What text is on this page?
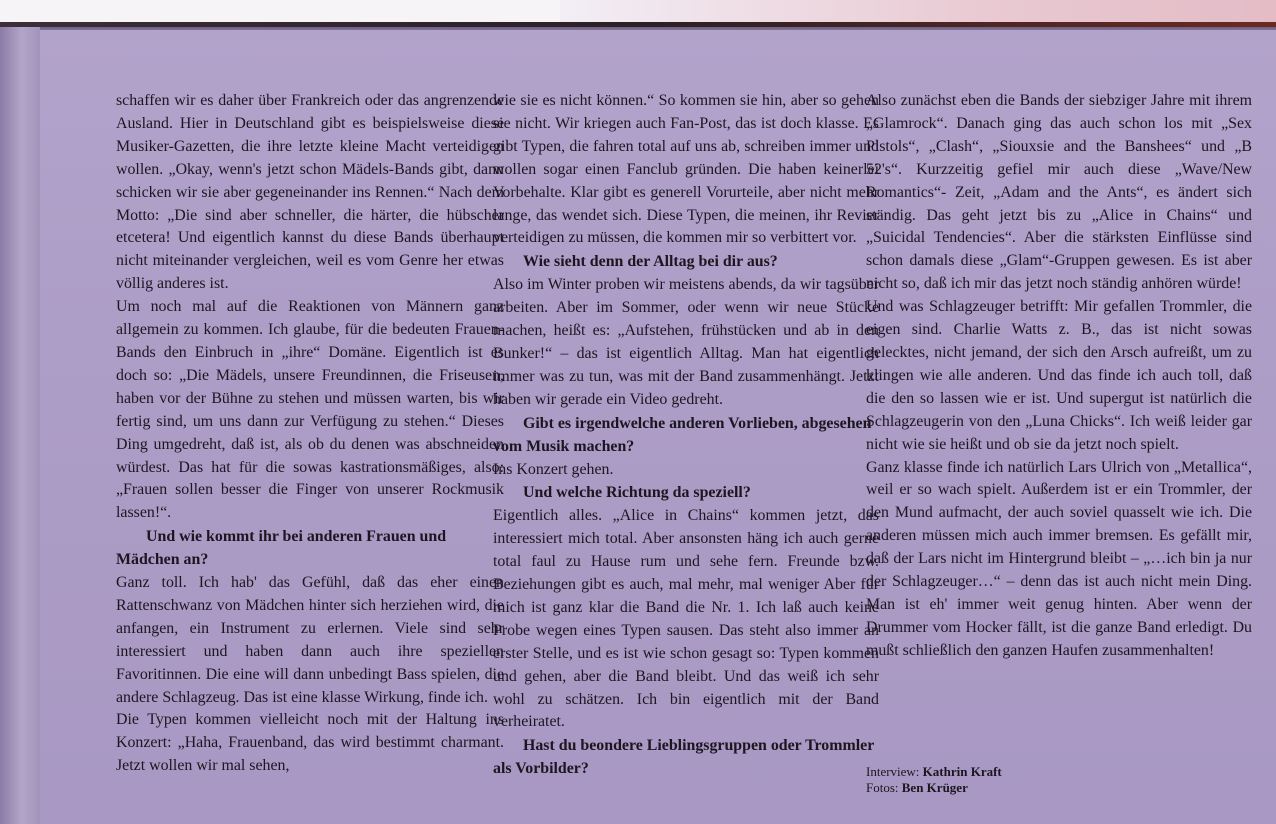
schaffen wir es daher über Frankreich oder das angrenzende Ausland. Hier in Deutschland gibt es beispielsweise diese Musiker-Gazetten, die ihre letzte kleine Macht verteidigen wollen. „Okay, wenn's jetzt schon Mädels-Bands gibt, dann schicken wir sie aber gegeneinander ins Rennen.“ Nach dem Motto: „Die sind aber schneller, die härter, die hübscher etcetera! Und eigentlich kannst du diese Bands überhaupt nicht miteinander vergleichen, weil es vom Genre her etwas völlig anderes ist.

Um noch mal auf die Reaktionen von Männern ganz allgemein zu kommen. Ich glaube, für die bedeuten Frauen-Bands den Einbruch in „ihre“ Domäne. Eigentlich ist es doch so: „Die Mädels, unsere Freundinnen, die Friseusen, haben vor der Bühne zu stehen und müssen warten, bis wir fertig sind, um uns dann zur Verfügung zu stehen.“ Dieses Ding umgedreht, daß ist, als ob du denen was abschneiden würdest. Das hat für die sowas kastrationsmäßiges, also: „Frauen sollen besser die Finger von unserer Rockmusik lassen!“.

Und wie kommt ihr bei anderen Frauen und Mädchen an?

Ganz toll. Ich hab' das Gefühl, daß das eher einen Rattenschwanz von Mädchen hinter sich herziehen wird, die anfangen, ein Instrument zu erlernen. Viele sind sehr interessiert und haben dann auch ihre speziellen Favoritinnen. Die eine will dann unbedingt Bass spielen, die andere Schlagzeug. Das ist eine klasse Wirkung, finde ich.

Die Typen kommen vielleicht noch mit der Haltung ins Konzert: „Haha, Frauenband, das wird bestimmt charmant. Jetzt wollen wir mal sehen,

wie sie es nicht können.“ So kommen sie hin, aber so gehen sie nicht. Wir kriegen auch Fan-Post, das ist doch klasse. Es gibt Typen, die fahren total auf uns ab, schreiben immer und wollen sogar einen Fanclub gründen. Die haben keinerlei Vorbehalte. Klar gibt es generell Vorurteile, aber nicht mehr lange, das wendet sich. Diese Typen, die meinen, ihr Revier verteidigen zu müssen, die kommen mir so verbittert vor.

Wie sieht denn der Alltag bei dir aus?

Also im Winter proben wir meistens abends, da wir tagsüber arbeiten. Aber im Sommer, oder wenn wir neue Stücke machen, heißt es: „Aufstehen, frühstücken und ab in den Bunker!“ – das ist eigentlich Alltag. Man hat eigentlich immer was zu tun, was mit der Band zusammenhängt. Jetzt haben wir gerade ein Video gedreht.

Gibt es irgendwelche anderen Vorlieben, abgesehen vom Musik machen?

Ins Konzert gehen.

Und welche Richtung da speziell?

Eigentlich alles. „Alice in Chains“ kommen jetzt, das interessiert mich total. Aber ansonsten häng ich auch gerne total faul zu Hause rum und sehe fern. Freunde bzw. Beziehungen gibt es auch, mal mehr, mal weniger Aber für mich ist ganz klar die Band die Nr. 1. Ich laß auch keine Probe wegen eines Typen sausen. Das steht also immer an erster Stelle, und es ist wie schon gesagt so: Typen kommen und gehen, aber die Band bleibt. Und das weiß ich sehr wohl zu schätzen. Ich bin eigentlich mit der Band verheiratet.

Hast du beondere Lieblingsgruppen oder Trommler als Vorbilder?

Also zunächst eben die Bands der siebziger Jahre mit ihrem „Glamrock“. Danach ging das auch schon los mit „Sex Pistols“, „Clash“, „Siouxsie and the Banshees“ und „B 52's“. Kurzzeitig gefiel mir auch diese „Wave/New Romantics“- Zeit, „Adam and the Ants“, es ändert sich ständig. Das geht jetzt bis zu „Alice in Chains“ und „Suicidal Tendencies“. Aber die stärksten Einflüsse sind schon damals diese „Glam“-Gruppen gewesen. Es ist aber nicht so, daß ich mir das jetzt noch ständig anhören würde!

Und was Schlagzeuger betrifft: Mir gefallen Trommler, die eigen sind. Charlie Watts z. B., das ist nicht sowas gelecktes, nicht jemand, der sich den Arsch aufreißt, um zu klingen wie alle anderen. Und das finde ich auch toll, daß die den so lassen wie er ist. Und supergut ist natürlich die Schlagzeugerin von den „Luna Chicks“. Ich weiß leider gar nicht wie sie heißt und ob sie da jetzt noch spielt.

Ganz klasse finde ich natürlich Lars Ulrich von „Metallica“, weil er so wach spielt. Außerdem ist er ein Trommler, der den Mund aufmacht, der auch soviel quasselt wie ich. Die anderen müssen mich auch immer bremsen. Es gefällt mir, daß der Lars nicht im Hintergrund bleibt – „…ich bin ja nur der Schlagzeuger…“ – denn das ist auch nicht mein Ding. Man ist eh' immer weit genug hinten. Aber wenn der Drummer vom Hocker fällt, ist die ganze Band erledigt. Du mußt schließlich den ganzen Haufen zusammenhalten!

Interview: Kathrin Kraft

Fotos: Ben Krüger
